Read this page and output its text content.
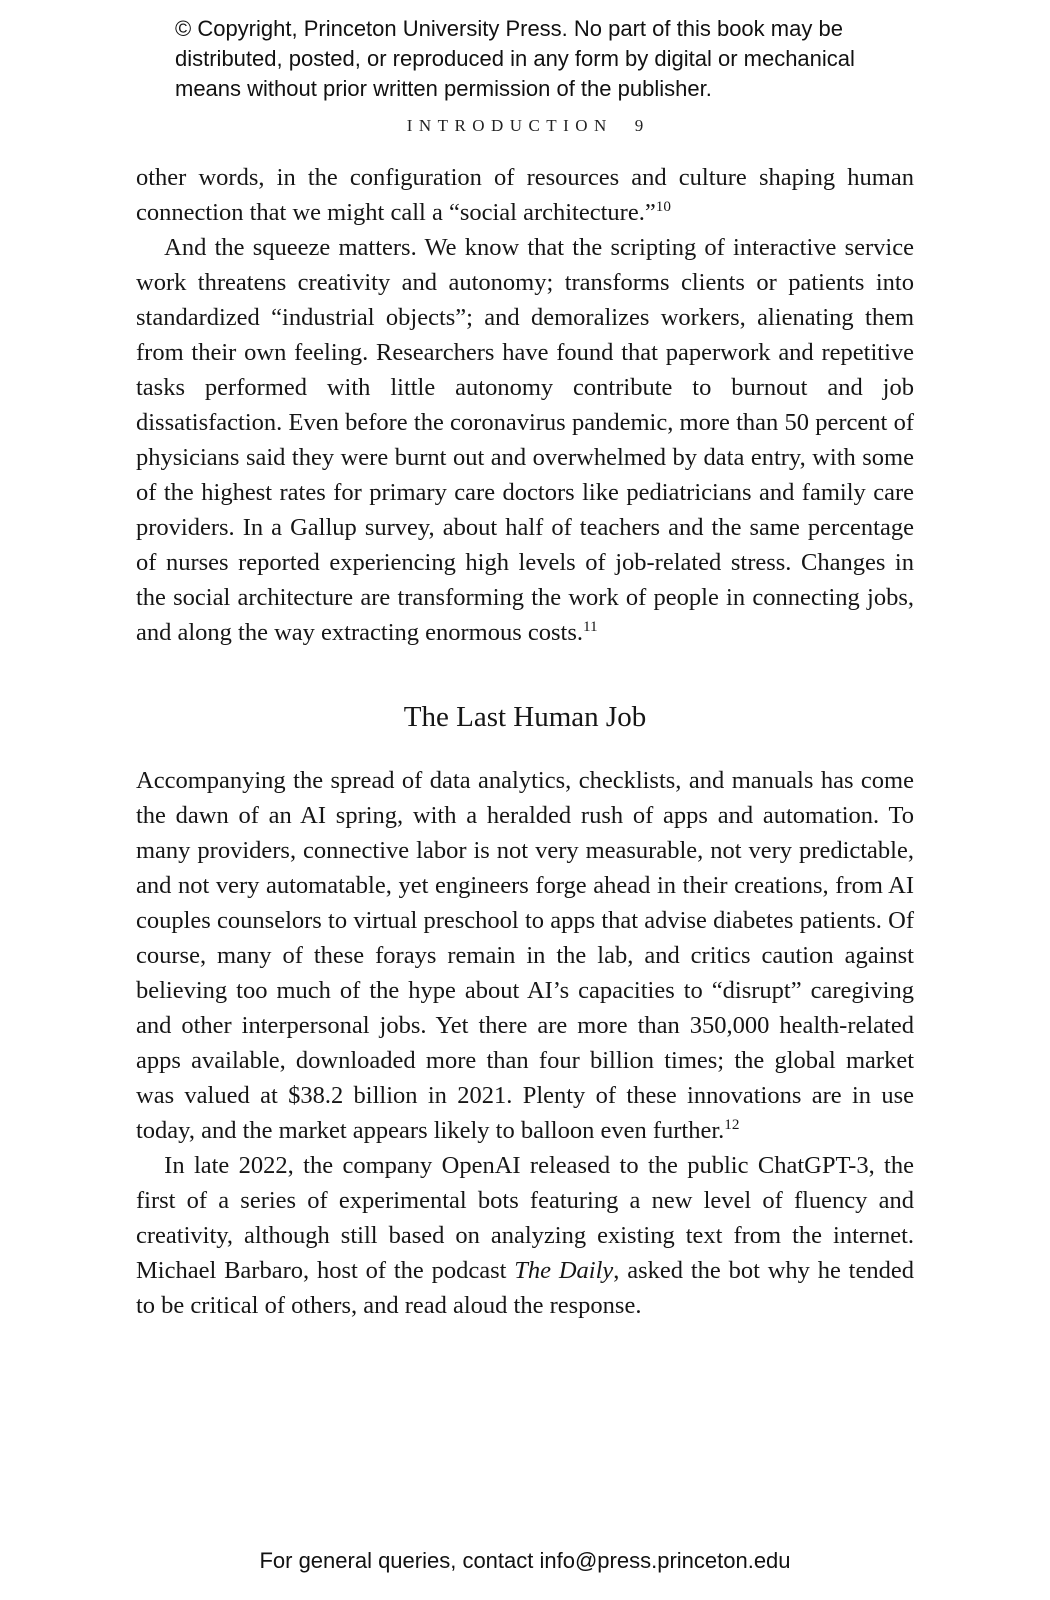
© Copyright, Princeton University Press. No part of this book may be distributed, posted, or reproduced in any form by digital or mechanical means without prior written permission of the publisher.
INTRODUCTION 9

other words, in the configuration of resources and culture shaping human connection that we might call a “social architecture.”$^{10}$

And the squeeze matters. We know that the scripting of interactive service work threatens creativity and autonomy; transforms clients or patients into standardized “industrial objects”; and demoralizes workers, alienating them from their own feeling. Researchers have found that paperwork and repetitive tasks performed with little autonomy contribute to burnout and job dissatisfaction. Even before the coronavirus pandemic, more than 50 percent of physicians said they were burnt out and overwhelmed by data entry, with some of the highest rates for primary care doctors like pediatricians and family care providers. In a Gallup survey, about half of teachers and the same percentage of nurses reported experiencing high levels of job-related stress. Changes in the social architecture are transforming the work of people in connecting jobs, and along the way extracting enormous costs.$^{11}$

The Last Human Job

Accompanying the spread of data analytics, checklists, and manuals has come the dawn of an AI spring, with a heralded rush of apps and automation. To many providers, connective labor is not very measurable, not very predictable, and not very automatable, yet engineers forge ahead in their creations, from AI couples counselors to virtual preschool to apps that advise diabetes patients. Of course, many of these forays remain in the lab, and critics caution against believing too much of the hype about AI’s capacities to “disrupt” caregiving and other interpersonal jobs. Yet there are more than 350,000 health-related apps available, downloaded more than four billion times; the global market was valued at $38.2 billion in 2021. Plenty of these innovations are in use today, and the market appears likely to balloon even further.$^{12}$

In late 2022, the company OpenAI released to the public ChatGPT-3, the first of a series of experimental bots featuring a new level of fluency and creativity, although still based on analyzing existing text from the internet. Michael Barbaro, host of the podcast The Daily, asked the bot why he tended to be critical of others, and read aloud the response.

For general queries, contact info@press.princeton.edu
